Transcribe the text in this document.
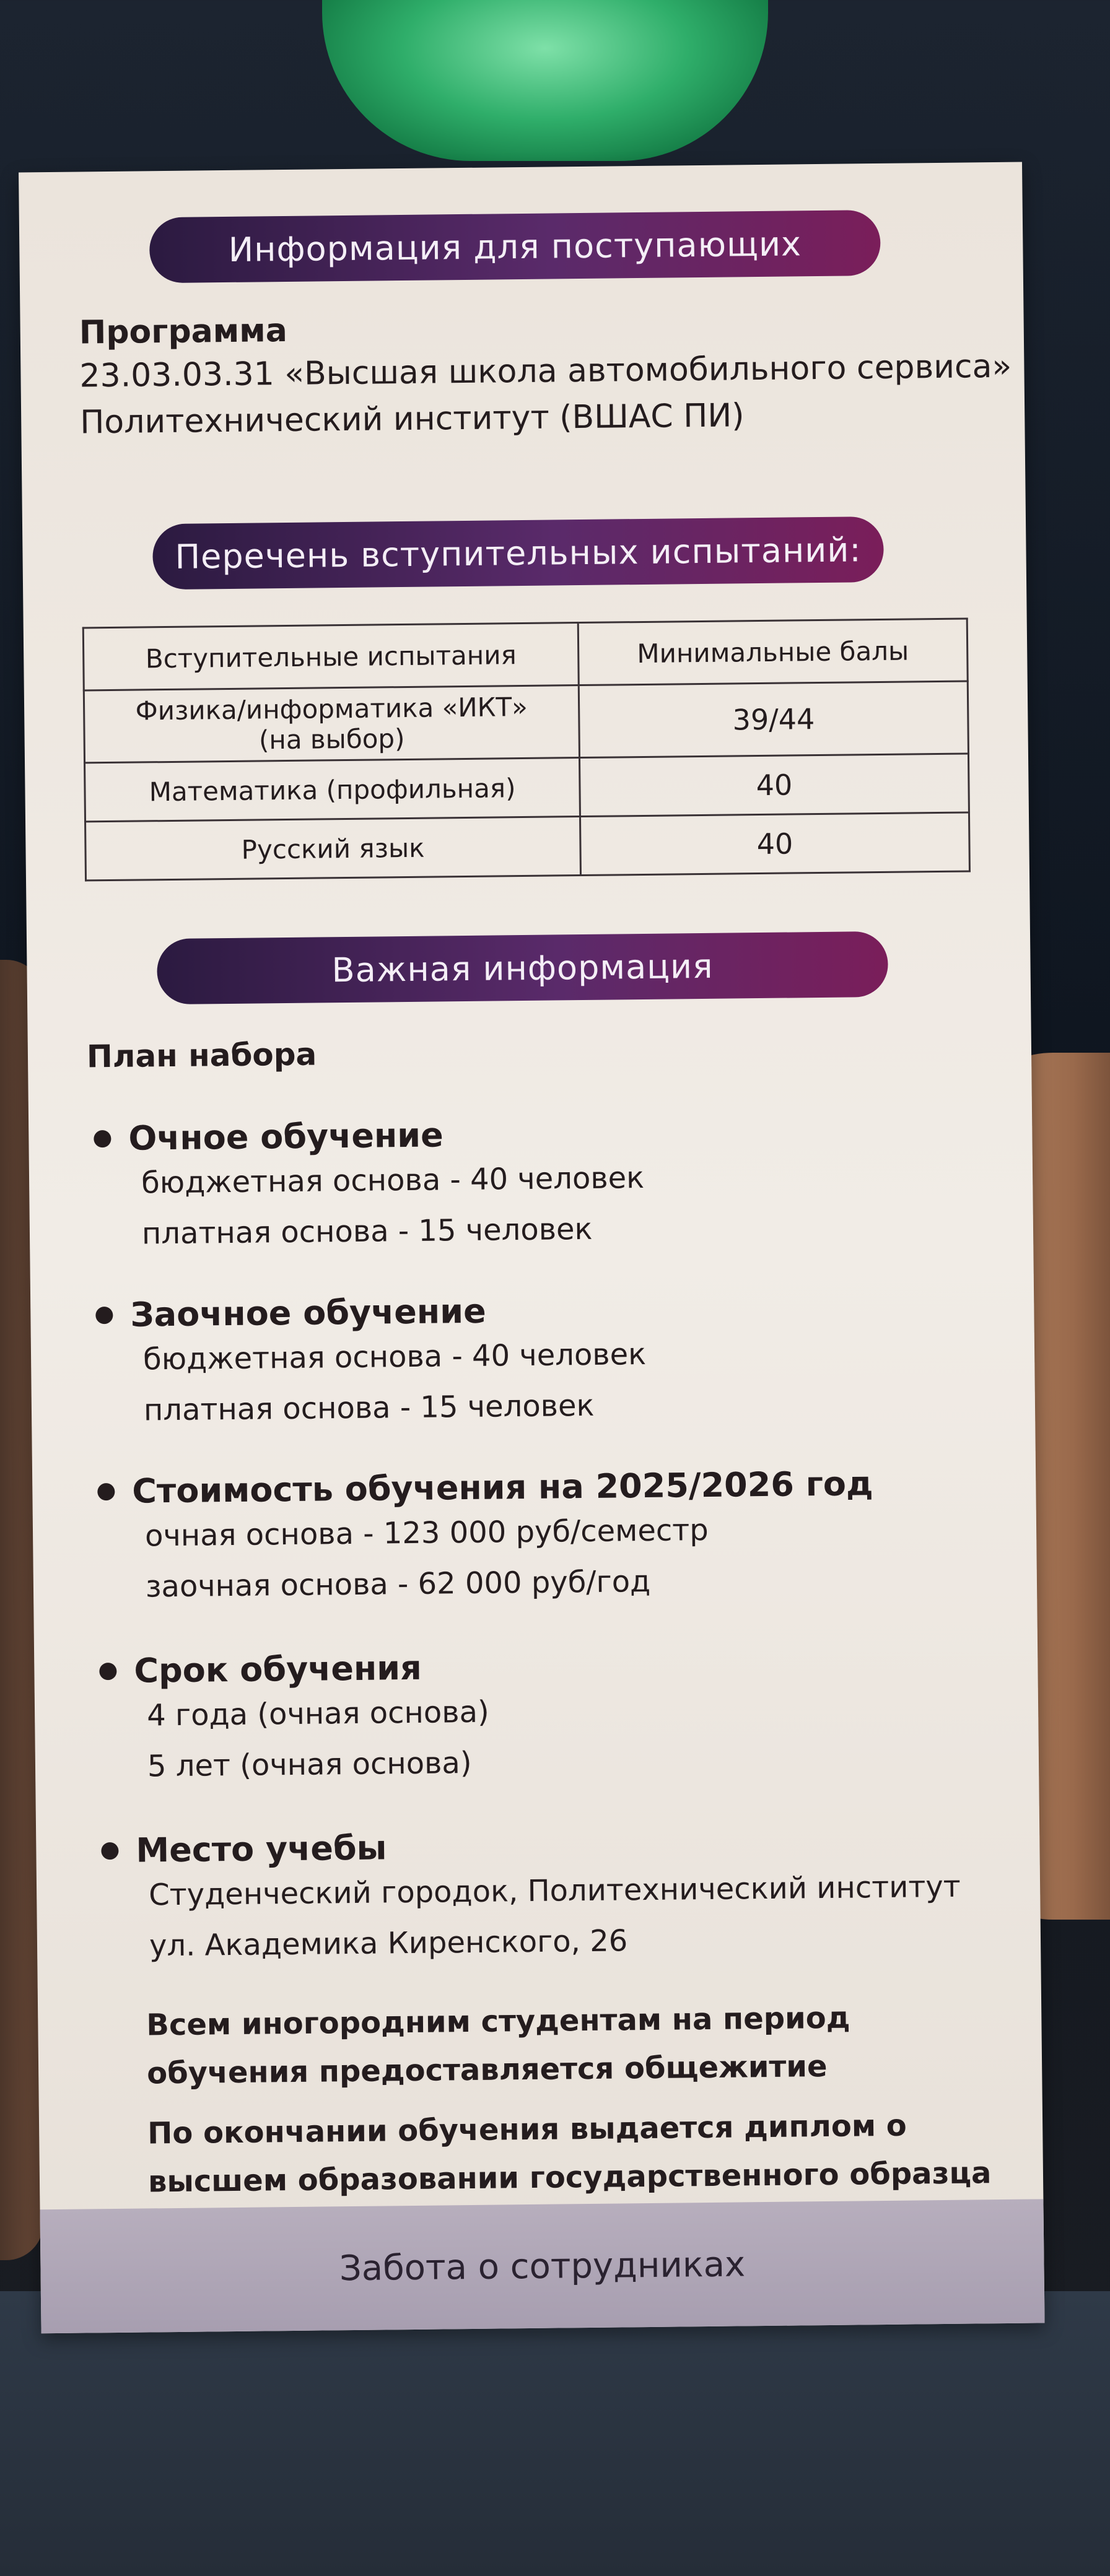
Информация для поступающих
Программа
23.03.03.31 «Высшая школа автомобильного сервиса»
Политехнический институт (ВШАС ПИ)
Перечень вступительных испытаний:
Вступительные испытания	Минимальные балы

Физика/информатика «ИКТ»
(на выбор)	39/44
Математика (профильная)	40
Русский язык	40
Важная информация
План набора
Очное обучение
бюджетная основа - 40 человек
платная основа - 15 человек
Заочное обучение
бюджетная основа - 40 человек
платная основа - 15 человек
Стоимость обучения на 2025/2026 год
очная основа - 123 000 руб/семестр
заочная основа - 62 000 руб/год
Срок обучения
4 года (очная основа)
5 лет (очная основа)
Место учебы
Студенческий городок, Политехнический институт
ул. Академика Киренского, 26
Всем иногородним студентам на период обучения предоставляется общежитие
По окончании обучения выдается диплом о высшем образовании государственного образца
Забота о сотрудниках
